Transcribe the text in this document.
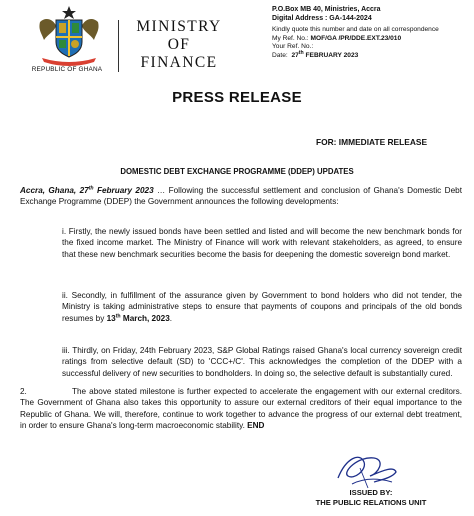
REPUBLIC OF GHANA
MINISTRY
OF
FINANCE
P.O.Box MB 40, Ministries, Accra
Digital Address : GA-144-2024
Kindly quote this number and date on all correspondence
My Ref. No.: MOF/GA /PR/DDE.EXT.23/010
Your Ref. No.:
Date: 27th FEBRUARY 2023
PRESS RELEASE
FOR: IMMEDIATE RELEASE
DOMESTIC DEBT EXCHANGE PROGRAMME (DDEP) UPDATES
Accra, Ghana, 27th February 2023 … Following the successful settlement and conclusion of Ghana's Domestic Debt Exchange Programme (DDEP) the Government announces the following developments:
i. Firstly, the newly issued bonds have been settled and listed and will become the new benchmark bonds for the fixed income market. The Ministry of Finance will work with relevant stakeholders, as agreed, to ensure that these new benchmark securities become the basis for deepening the domestic sovereign bond market.
ii. Secondly, in fulfillment of the assurance given by Government to bond holders who did not tender, the Ministry is taking administrative steps to ensure that payments of coupons and principals of the old bonds resumes by 13th March, 2023.
iii. Thirdly, on Friday, 24th February 2023, S&P Global Ratings raised Ghana's local currency sovereign credit ratings from selective default (SD) to 'CCC+/C'. This acknowledges the completion of the DDEP with a successful delivery of new securities to bondholders. In doing so, the selective default is substantially cured.
2.	The above stated milestone is further expected to accelerate the engagement with our external creditors. The Government of Ghana also takes this opportunity to assure our external creditors of their equal importance to the Republic of Ghana. We will, therefore, continue to work together to advance the progress of our external debt treatment, in order to ensure Ghana's long-term macroeconomic stability. END
ISSUED BY:
THE PUBLIC RELATIONS UNIT
